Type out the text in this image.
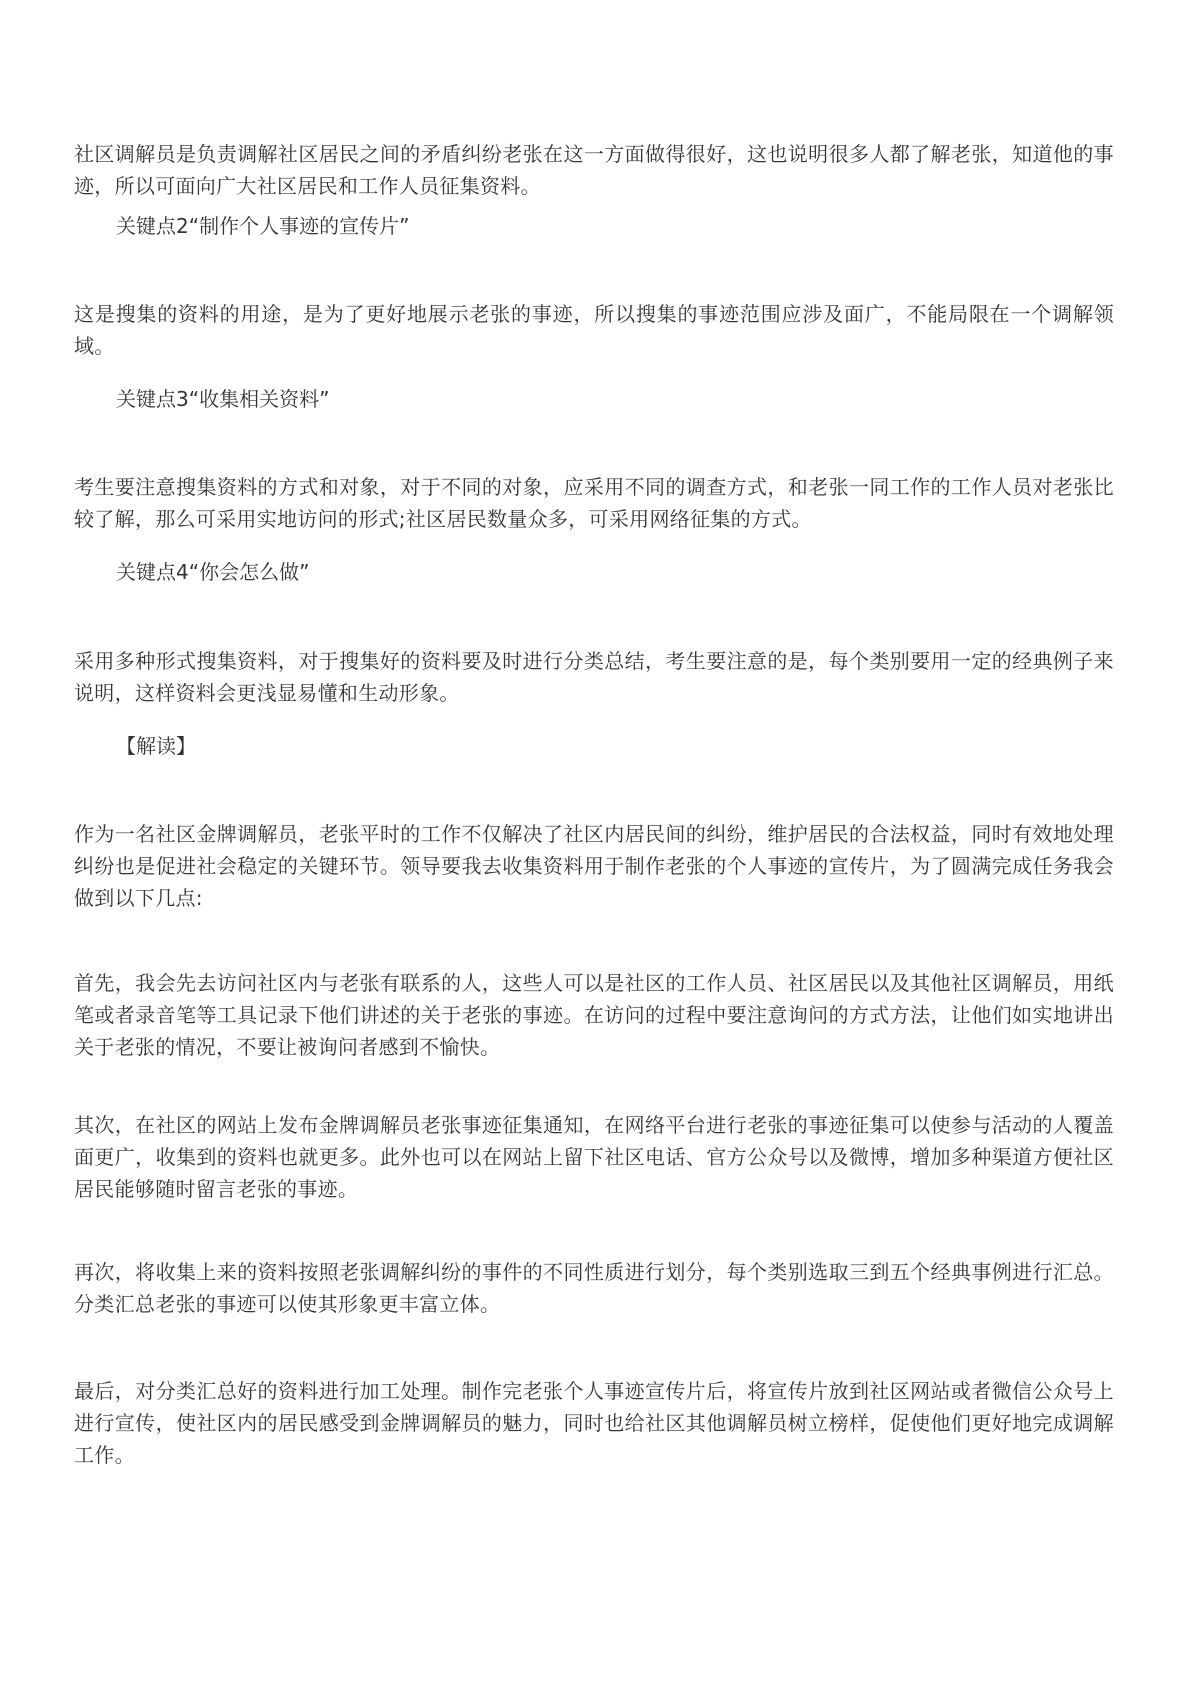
社区调解员是负责调解社区居民之间的矛盾纠纷老张在这一方面做得很好，这也说明很多人都了解老张，知道他的事迹，所以可面向广大社区居民和工作人员征集资料。

关键点2“制作个人事迹的宣传片”

这是搜集的资料的用途，是为了更好地展示老张的事迹，所以搜集的事迹范围应涉及面广，不能局限在一个调解领域。

关键点3“收集相关资料”

考生要注意搜集资料的方式和对象，对于不同的对象，应采用不同的调查方式，和老张一同工作的工作人员对老张比较了解，那么可采用实地访问的形式;社区居民数量众多，可采用网络征集的方式。

关键点4“你会怎么做”

采用多种形式搜集资料，对于搜集好的资料要及时进行分类总结，考生要注意的是，每个类别要用一定的经典例子来说明，这样资料会更浅显易懂和生动形象。

【解读】

作为一名社区金牌调解员，老张平时的工作不仅解决了社区内居民间的纠纷，维护居民的合法权益，同时有效地处理纠纷也是促进社会稳定的关键环节。领导要我去收集资料用于制作老张的个人事迹的宣传片，为了圆满完成任务我会做到以下几点:

首先，我会先去访问社区内与老张有联系的人，这些人可以是社区的工作人员、社区居民以及其他社区调解员，用纸笔或者录音笔等工具记录下他们讲述的关于老张的事迹。在访问的过程中要注意询问的方式方法，让他们如实地讲出关于老张的情况，不要让被询问者感到不愉快。

其次，在社区的网站上发布金牌调解员老张事迹征集通知，在网络平台进行老张的事迹征集可以使参与活动的人覆盖面更广，收集到的资料也就更多。此外也可以在网站上留下社区电话、官方公众号以及微博，增加多种渠道方便社区居民能够随时留言老张的事迹。

再次，将收集上来的资料按照老张调解纠纷的事件的不同性质进行划分，每个类别选取三到五个经典事例进行汇总。分类汇总老张的事迹可以使其形象更丰富立体。

最后，对分类汇总好的资料进行加工处理。制作完老张个人事迹宣传片后，将宣传片放到社区网站或者微信公众号上进行宣传，使社区内的居民感受到金牌调解员的魅力，同时也给社区其他调解员树立榜样，促使他们更好地完成调解工作。
